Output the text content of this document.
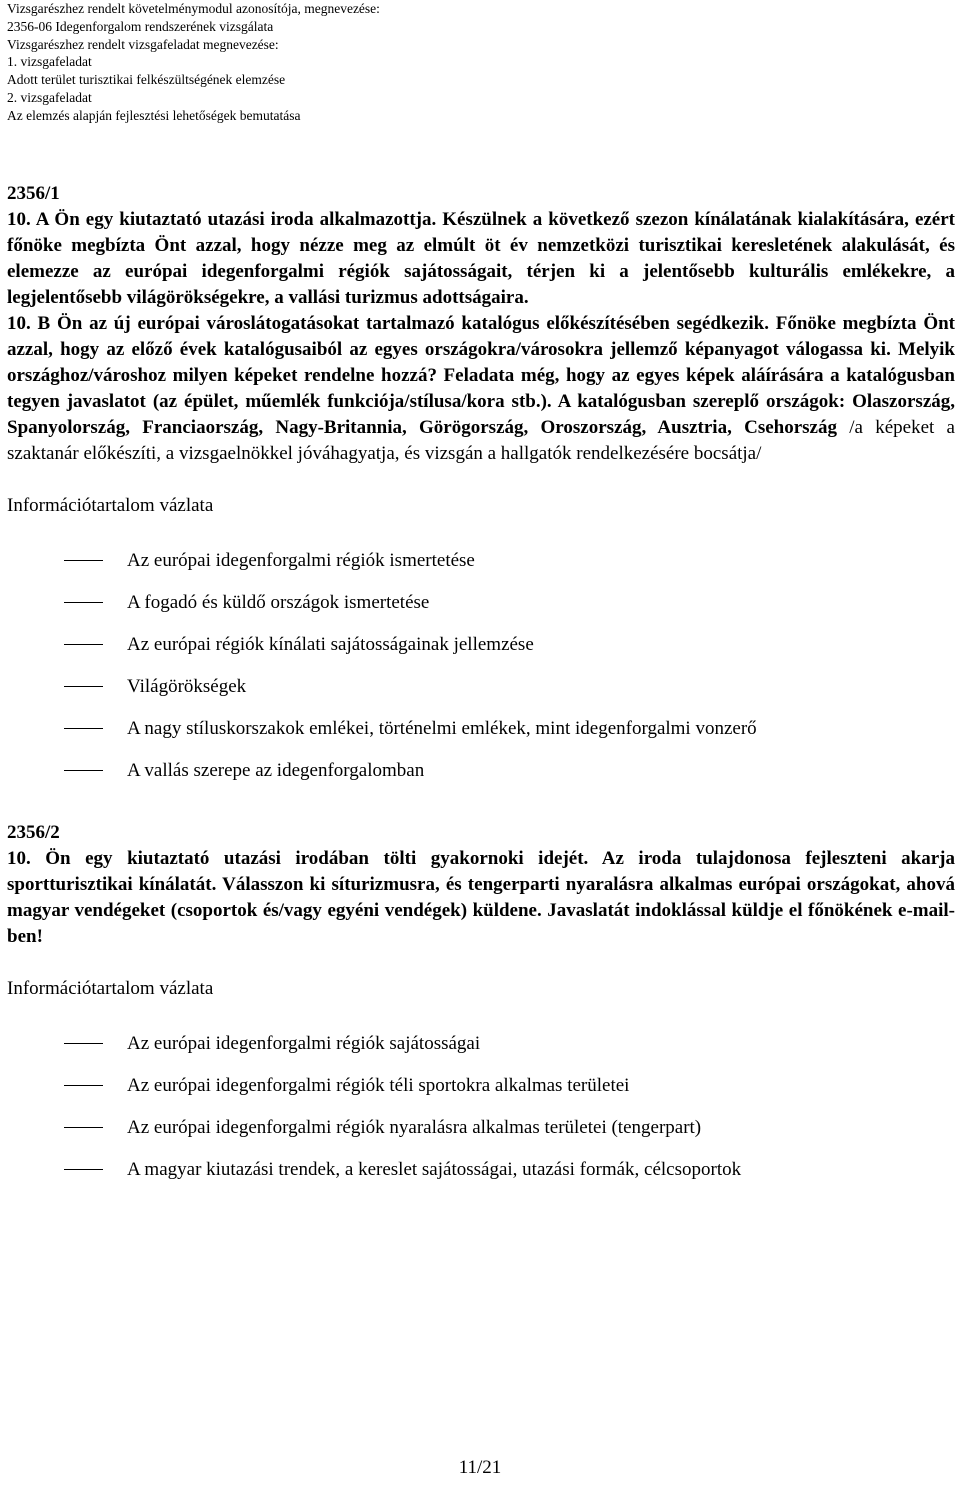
Vizsgarészhez rendelt követelménymodul azonosítója, megnevezése:
2356-06 Idegenforgalom rendszerének vizsgálata
Vizsgarészhez rendelt vizsgafeladat megnevezése:
1. vizsgafeladat
Adott terület turisztikai felkészültségének elemzése
2. vizsgafeladat
Az elemzés alapján fejlesztési lehetőségek bemutatása
2356/1

10. A Ön egy kiutaztató utazási iroda alkalmazottja. Készülnek a következő szezon kínálatának kialakítására, ezért főnöke megbízta Önt azzal, hogy nézze meg az elmúlt öt év nemzetközi turisztikai keresletének alakulását, és elemezze az európai idegenforgalmi régiók sajátosságait, térjen ki a jelentősebb kulturális emlékekre, a legjelentősebb világörökségekre, a vallási turizmus adottságaira.

10. B Ön az új európai városlátogatásokat tartalmazó katalógus előkészítésében segédkezik. Főnöke megbízta Önt azzal, hogy az előző évek katalógusaiból az egyes országokra/városokra jellemző képanyagot válogassa ki. Melyik országhoz/városhoz milyen képeket rendelne hozzá? Feladata még, hogy az egyes képek aláírására a katalógusban tegyen javaslatot (az épület, műemlék funkciója/stílusa/kora stb.). A katalógusban szereplő országok: Olaszország, Spanyolország, Franciaország, Nagy-Britannia, Görögország, Oroszország, Ausztria, Csehország /a képeket a szaktanár előkészíti, a vizsgaelnökkel jóváhagyatja, és vizsgán a hallgatók rendelkezésére bocsátja/

Információtartalom vázlata
Az európai idegenforgalmi régiók ismertetése
A fogadó és küldő országok ismertetése
Az európai régiók kínálati sajátosságainak jellemzése
Világörökségek
A nagy stíluskorszakok emlékei, történelmi emlékek, mint idegenforgalmi vonzerő
A vallás szerepe az idegenforgalomban
2356/2

10. Ön egy kiutaztató utazási irodában tölti gyakornoki idejét. Az iroda tulajdonosa fejleszteni akarja sportturisztikai kínálatát. Válasszon ki síturizmusra, és tengerparti nyaralásra alkalmas európai országokat, ahová magyar vendégeket (csoportok és/vagy egyéni vendégek) küldene. Javaslatát indoklással küldje el főnökének e-mail-ben!

Információtartalom vázlata
Az európai idegenforgalmi régiók sajátosságai
Az európai idegenforgalmi régiók téli sportokra alkalmas területei
Az európai idegenforgalmi régiók nyaralásra alkalmas területei (tengerpart)
A magyar kiutazási trendek, a kereslet sajátosságai, utazási formák, célcsoportok
11/21
